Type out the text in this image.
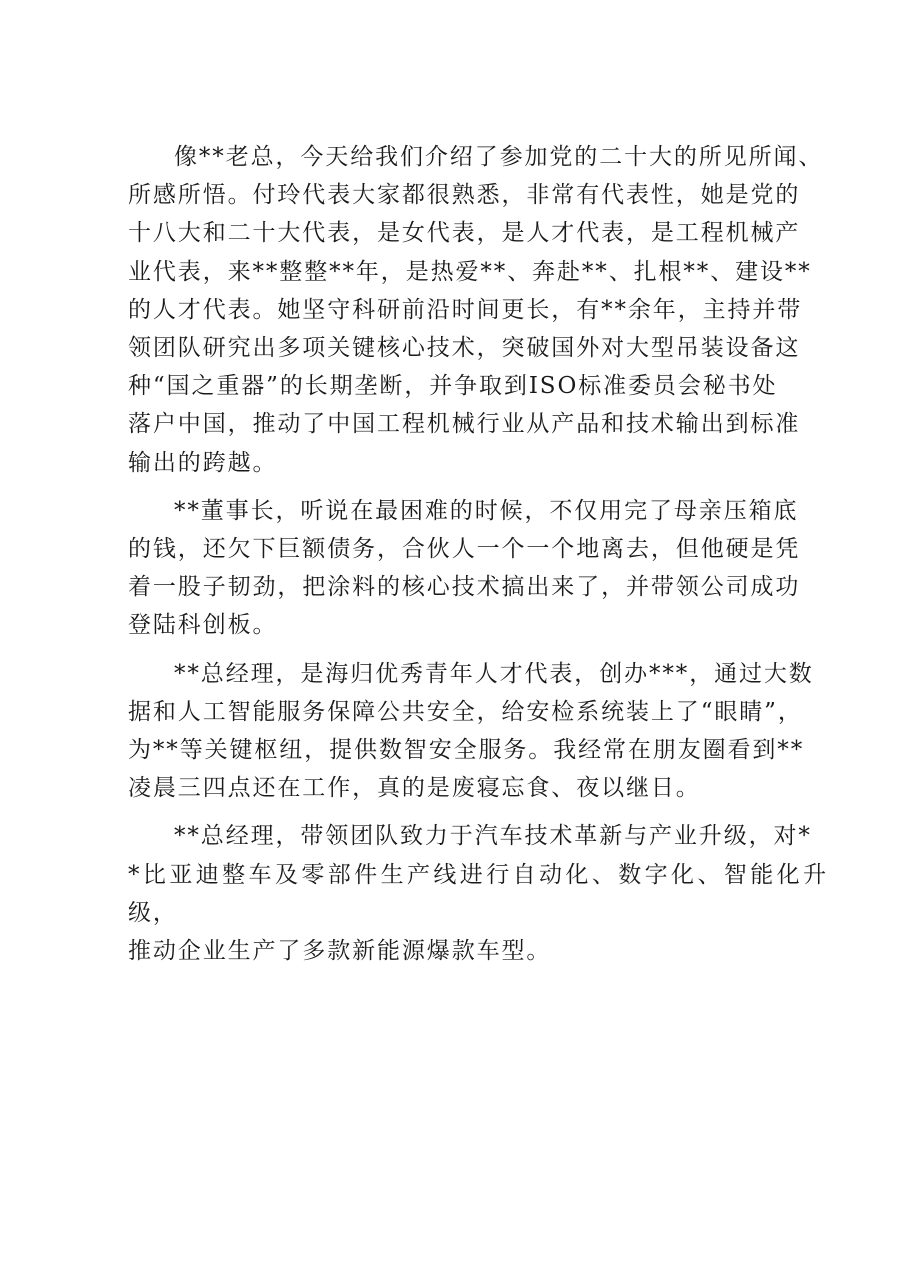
像**老总，今天给我们介绍了参加党的二十大的所见所闻、
所感所悟。付玲代表大家都很熟悉，非常有代表性，她是党的
十八大和二十大代表，是女代表，是人才代表，是工程机械产
业代表，来**整整**年，是热爱**、奔赴**、扎根**、建设**
的人才代表。她坚守科研前沿时间更长，有**余年，主持并带
领团队研究出多项关键核心技术，突破国外对大型吊装设备这
种“国之重器”的长期垄断，并争取到ISO标准委员会秘书处
落户中国，推动了中国工程机械行业从产品和技术输出到标准
输出的跨越。
**董事长，听说在最困难的时候，不仅用完了母亲压箱底
的钱，还欠下巨额债务，合伙人一个一个地离去，但他硬是凭
着一股子韧劲，把涂料的核心技术搞出来了，并带领公司成功
登陆科创板。
**总经理，是海归优秀青年人才代表，创办***，通过大数
据和人工智能服务保障公共安全，给安检系统装上了“眼睛”，
为**等关键枢纽，提供数智安全服务。我经常在朋友圈看到**
凌晨三四点还在工作，真的是废寝忘食、夜以继日。
**总经理，带领团队致力于汽车技术革新与产业升级，对*
*比亚迪整车及零部件生产线进行自动化、数字化、智能化升级，
推动企业生产了多款新能源爆款车型。
